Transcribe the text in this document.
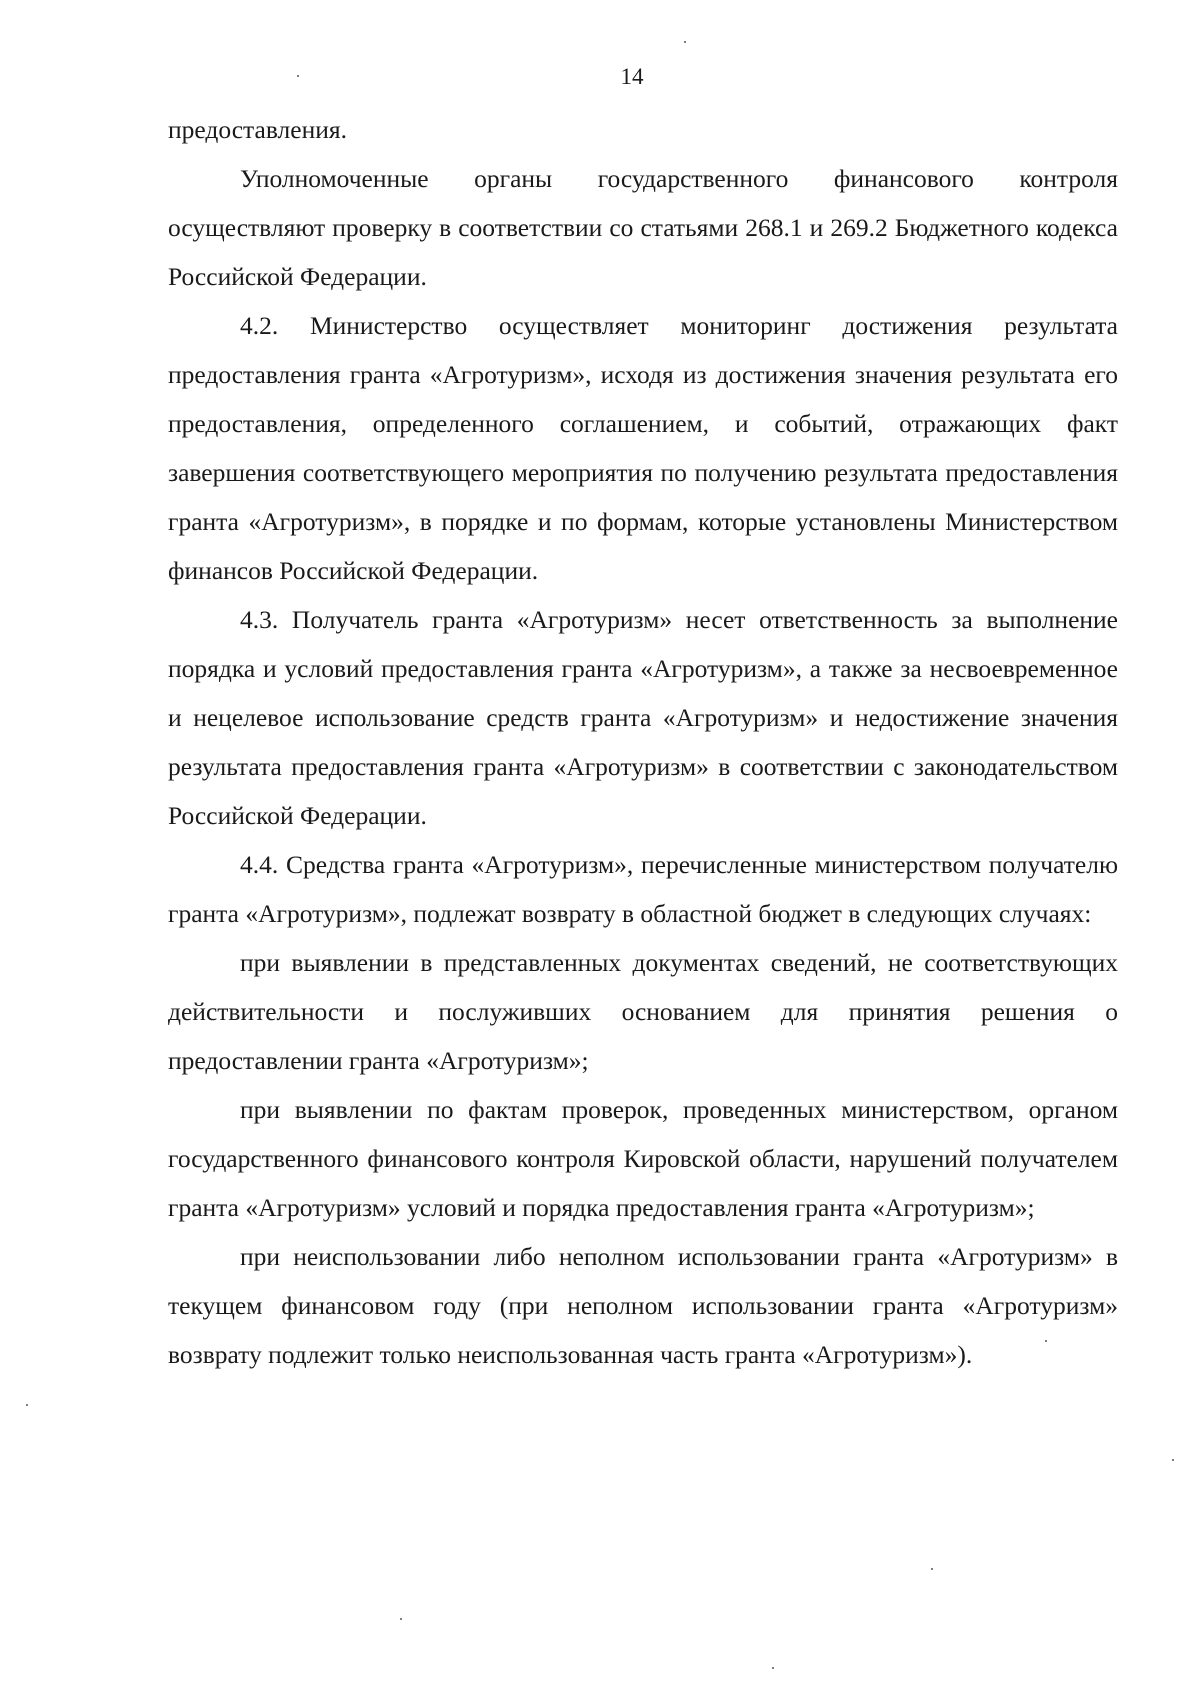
14

предоставления.

Уполномоченные органы государственного финансового контроля осуществляют проверку в соответствии со статьями 268.1 и 269.2 Бюджетного кодекса Российской Федерации.

4.2. Министерство осуществляет мониторинг достижения результата предоставления гранта «Агротуризм», исходя из достижения значения результата его предоставления, определенного соглашением, и событий, отражающих факт завершения соответствующего мероприятия по получению результата предоставления гранта «Агротуризм», в порядке и по формам, которые установлены Министерством финансов Российской Федерации.

4.3. Получатель гранта «Агротуризм» несет ответственность за выполнение порядка и условий предоставления гранта «Агротуризм», а также за несвоевременное и нецелевое использование средств гранта «Агротуризм» и недостижение значения результата предоставления гранта «Агротуризм» в соответствии с законодательством Российской Федерации.

4.4. Средства гранта «Агротуризм», перечисленные министерством получателю гранта «Агротуризм», подлежат возврату в областной бюджет в следующих случаях:

при выявлении в представленных документах сведений, не соответствующих действительности и послуживших основанием для принятия решения о предоставлении гранта «Агротуризм»;

при выявлении по фактам проверок, проведенных министерством, органом государственного финансового контроля Кировской области, нарушений получателем гранта «Агротуризм» условий и порядка предоставления гранта «Агротуризм»;

при неиспользовании либо неполном использовании гранта «Агротуризм» в текущем финансовом году (при неполном использовании гранта «Агротуризм» возврату подлежит только неиспользованная часть гранта «Агротуризм»).
